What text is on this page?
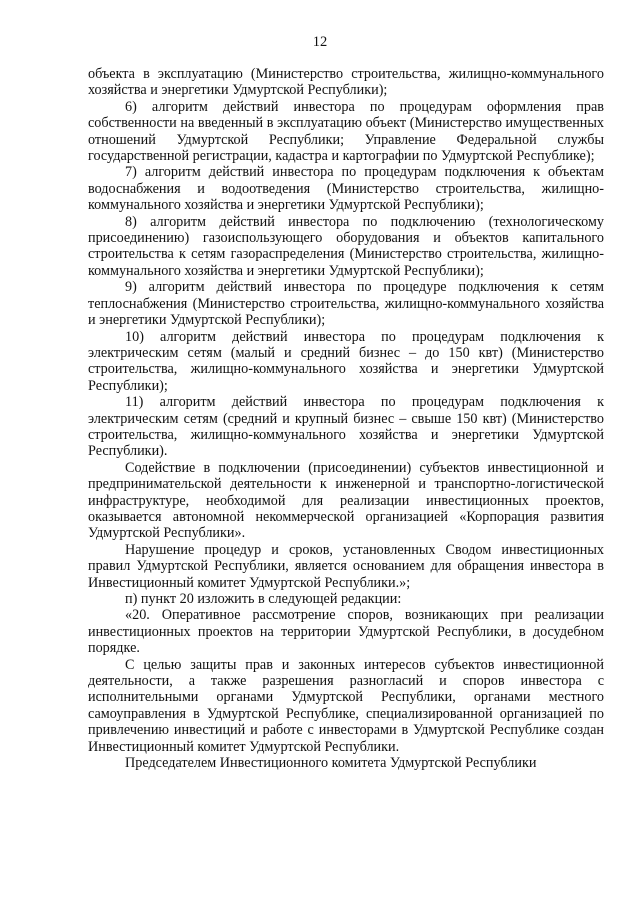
12

объекта в эксплуатацию (Министерство строительства, жилищно-коммунального хозяйства и энергетики Удмуртской Республики);

6) алгоритм действий инвестора по процедурам оформления прав собственности на введенный в эксплуатацию объект (Министерство имущественных отношений Удмуртской Республики; Управление Федеральной службы государственной регистрации, кадастра и картографии по Удмуртской Республике);

7) алгоритм действий инвестора по процедурам подключения к объектам водоснабжения и водоотведения (Министерство строительства, жилищно-коммунального хозяйства и энергетики Удмуртской Республики);

8) алгоритм действий инвестора по подключению (технологическому присоединению) газоиспользующего оборудования и объектов капитального строительства к сетям газораспределения (Министерство строительства, жилищно-коммунального хозяйства и энергетики Удмуртской Республики);

9) алгоритм действий инвестора по процедуре подключения к сетям теплоснабжения (Министерство строительства, жилищно-коммунального хозяйства и энергетики Удмуртской Республики);

10) алгоритм действий инвестора по процедурам подключения к электрическим сетям (малый и средний бизнес – до 150 квт) (Министерство строительства, жилищно-коммунального хозяйства и энергетики Удмуртской Республики);

11) алгоритм действий инвестора по процедурам подключения к электрическим сетям (средний и крупный бизнес – свыше 150 квт) (Министерство строительства, жилищно-коммунального хозяйства и энергетики Удмуртской Республики).

Содействие в подключении (присоединении) субъектов инвестиционной и предпринимательской деятельности к инженерной и транспортно-логистической инфраструктуре, необходимой для реализации инвестиционных проектов, оказывается автономной некоммерческой организацией «Корпорация развития Удмуртской Республики».

Нарушение процедур и сроков, установленных Сводом инвестиционных правил Удмуртской Республики, является основанием для обращения инвестора в Инвестиционный комитет Удмуртской Республики.»;

п) пункт 20 изложить в следующей редакции:

«20. Оперативное рассмотрение споров, возникающих при реализации инвестиционных проектов на территории Удмуртской Республики, в досудебном порядке.

С целью защиты прав и законных интересов субъектов инвестиционной деятельности, а также разрешения разногласий и споров инвестора с исполнительными органами Удмуртской Республики, органами местного самоуправления в Удмуртской Республике, специализированной организацией по привлечению инвестиций и работе с инвесторами в Удмуртской Республике создан Инвестиционный комитет Удмуртской Республики.

Председателем Инвестиционного комитета Удмуртской Республики
